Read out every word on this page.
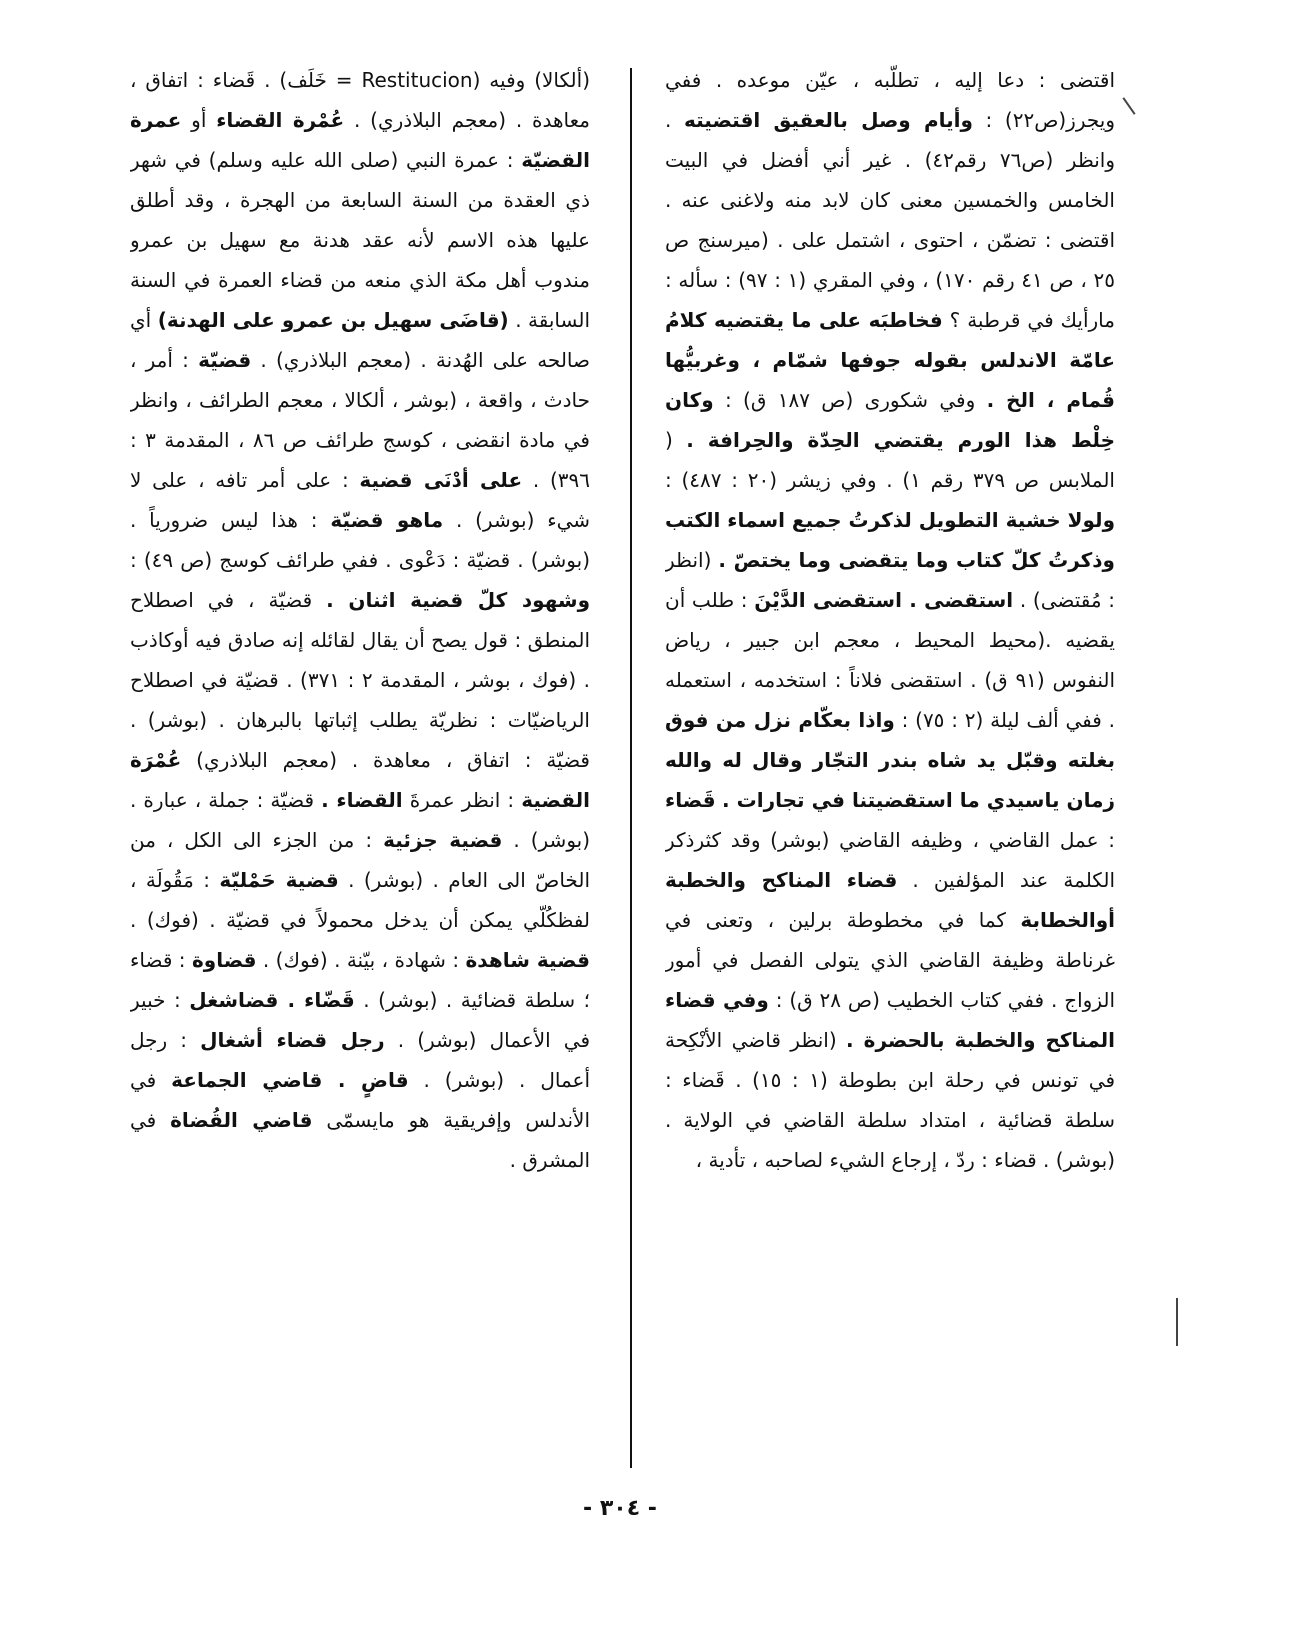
اقتضى : دعا إليه ، تطلّبه ، عيّن موعده . ففي ويجرز(ص٢٢) : وأيام وصل بالعقيق اقتضيته . وانظر (ص٧٦ رقم٤٢) . غير أني أفضل في البيت الخامس والخمسين معنى كان لابد منه ولاغنى عنه . اقتضى : تضمّن ، احتوى ، اشتمل على . (ميرسنج ص ٢٥ ، ص ٤١ رقم ١٧٠) ، وفي المقري (١ : ٩٧) : سأله : مارأيك في قرطبة ؟ فخاطبَه على ما يقتضيه كلامُ عامّة الاندلس بقوله جوفها شمّام ، وغربيُّها قُمام ، الخ . وفي شكورى (ص ١٨٧ ق) : وكان خِلْط هذا الورم يقتضي الحِدّة والحِرافة . ( الملابس ص ٣٧٩ رقم ١) . وفي زيشر (٢٠ : ٤٨٧) : ولولا خشية التطويل لذكرتُ جميع اسماء الكتب وذكرتُ كلّ كتاب وما يتقضى وما يختصّ . (انظر : مُقتضى) . استقضى . استقضى الدَّيْنَ : طلب أن يقضيه .(محيط المحيط ، معجم ابن جبير ، رياض النفوس (٩١ ق) . استقضى فلاناً : استخدمه ، استعمله . ففي ألف ليلة (٢ : ٧٥) : واذا بعكّام نزل من فوق بغلته وقبّل يد شاه بندر التجّار وقال له والله زمان ياسيدي ما استقضيتنا في تجارات . قَضاء : عمل القاضي ، وظيفه القاضي (بوشر) وقد كثرذكر الكلمة عند المؤلفين . قضاء المناكح والخطبة أوالخطابة كما في مخطوطة برلين ، وتعنى في غرناطة وظيفة القاضي الذي يتولى الفصل في أمور الزواج . ففي كتاب الخطيب (ص ٢٨ ق) : وفي قضاء المناكح والخطبة بالحضرة . (انظر قاضي الأنْكِحة في تونس في رحلة ابن بطوطة (١ : ١٥) . قَضاء : سلطة قضائية ، امتداد سلطة القاضي في الولاية . (بوشر) . قضاء : ردّ ، إرجاع الشيء لصاحبه ، تأدية ،

(ألكالا) وفيه (Restitucion = خَلَف) . قَضاء : اتفاق ، معاهدة . (معجم البلاذري) . عُمْرة القضاء أو عمرة القضيّة : عمرة النبي (صلى الله عليه وسلم) في شهر ذي العقدة من السنة السابعة من الهجرة ، وقد أطلق عليها هذه الاسم لأنه عقد هدنة مع سهيل بن عمرو مندوب أهل مكة الذي منعه من قضاء العمرة في السنة السابقة . (قاضَى سهيل بن عمرو على الهدنة) أي صالحه على الهُدنة . (معجم البلاذري) . قضيّة : أمر ، حادث ، واقعة ، (بوشر ، ألكالا ، معجم الطرائف ، وانظر في مادة انقضى ، كوسج طرائف ص ٨٦ ، المقدمة ٣ : ٣٩٦) . على أدْنَى قضية : على أمر تافه ، على لا شيء (بوشر) . ماهو قضيّة : هذا ليس ضرورياً . (بوشر) . قضيّة : دَعْوى . ففي طرائف كوسج (ص ٤٩) : وشهود كلّ قضية اثنان . قضيّة ، في اصطلاح المنطق : قول يصح أن يقال لقائله إنه صادق فيه أوكاذب . (فوك ، بوشر ، المقدمة ٢ : ٣٧١) . قضيّة في اصطلاح الرياضيّات : نظريّة يطلب إثباتها بالبرهان . (بوشر) . قضيّة : اتفاق ، معاهدة . (معجم البلاذري) عُمْرَة القضية : انظر عمرةَ القضاء . قضيّة : جملة ، عبارة . (بوشر) . قضية جزئية : من الجزء الى الكل ، من الخاصّ الى العام . (بوشر) . قضية حَمْليّة : مَقُولَة ، لفظكُلّي يمكن أن يدخل محمولاً في قضيّة . (فوك) . قضية شاهدة : شهادة ، بيّنة . (فوك) . قضاوة : قضاء ؛ سلطة قضائية . (بوشر) . قَضّاء . قضاشغل : خبير في الأعمال (بوشر) . رجل قضاء أشغال : رجل أعمال . (بوشر) . قاضٍ . قاضي الجماعة في الأندلس وإفريقية هو مايسمّى قاضي القُضاة في المشرق .

- ٣٠٤ -
